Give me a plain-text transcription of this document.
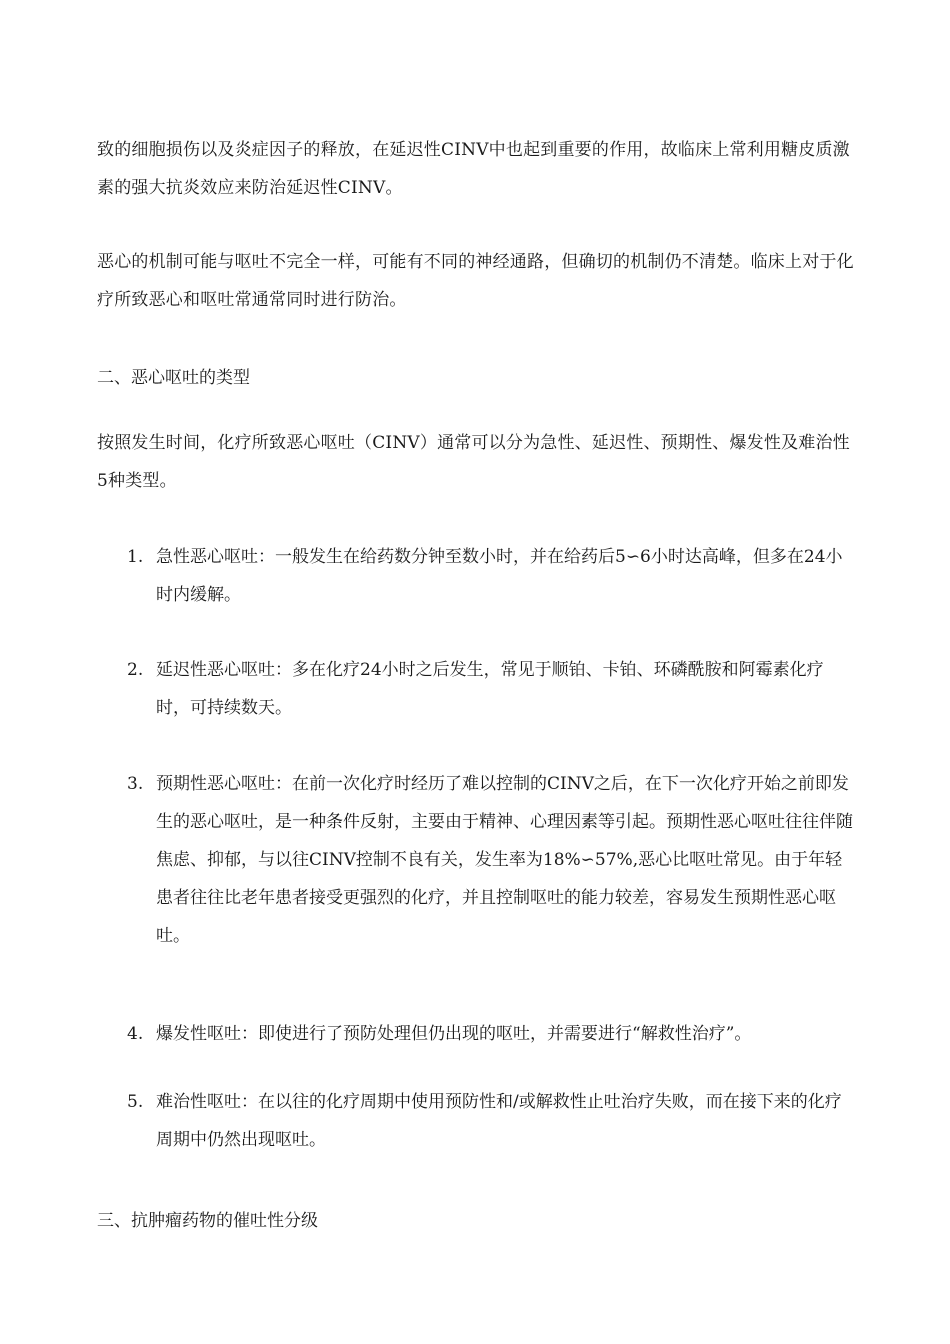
致的细胞损伤以及炎症因子的释放，在延迟性CINV中也起到重要的作用，故临床上常利用糖皮质激素的强大抗炎效应来防治延迟性CINV。

恶心的机制可能与呕吐不完全一样，可能有不同的神经通路，但确切的机制仍不清楚。临床上对于化疗所致恶心和呕吐常通常同时进行防治。

二、恶心呕吐的类型

按照发生时间，化疗所致恶心呕吐（CINV）通常可以分为急性、延迟性、预期性、爆发性及难治性5种类型。

1. 急性恶心呕吐：一般发生在给药数分钟至数小时，并在给药后5∽6小时达高峰，但多在24小时内缓解。
2. 延迟性恶心呕吐：多在化疗24小时之后发生，常见于顺铂、卡铂、环磷酰胺和阿霉素化疗时，可持续数天。
3. 预期性恶心呕吐：在前一次化疗时经历了难以控制的CINV之后，在下一次化疗开始之前即发生的恶心呕吐，是一种条件反射，主要由于精神、心理因素等引起。预期性恶心呕吐往往伴随焦虑、抑郁，与以往CINV控制不良有关，发生率为18%∽57%,恶心比呕吐常见。由于年轻患者往往比老年患者接受更强烈的化疗，并且控制呕吐的能力较差，容易发生预期性恶心呕吐。
4. 爆发性呕吐：即使进行了预防处理但仍出现的呕吐，并需要进行“解救性治疗”。
5. 难治性呕吐：在以往的化疗周期中使用预防性和/或解救性止吐治疗失败，而在接下来的化疗周期中仍然出现呕吐。

三、抗肿瘤药物的催吐性分级
